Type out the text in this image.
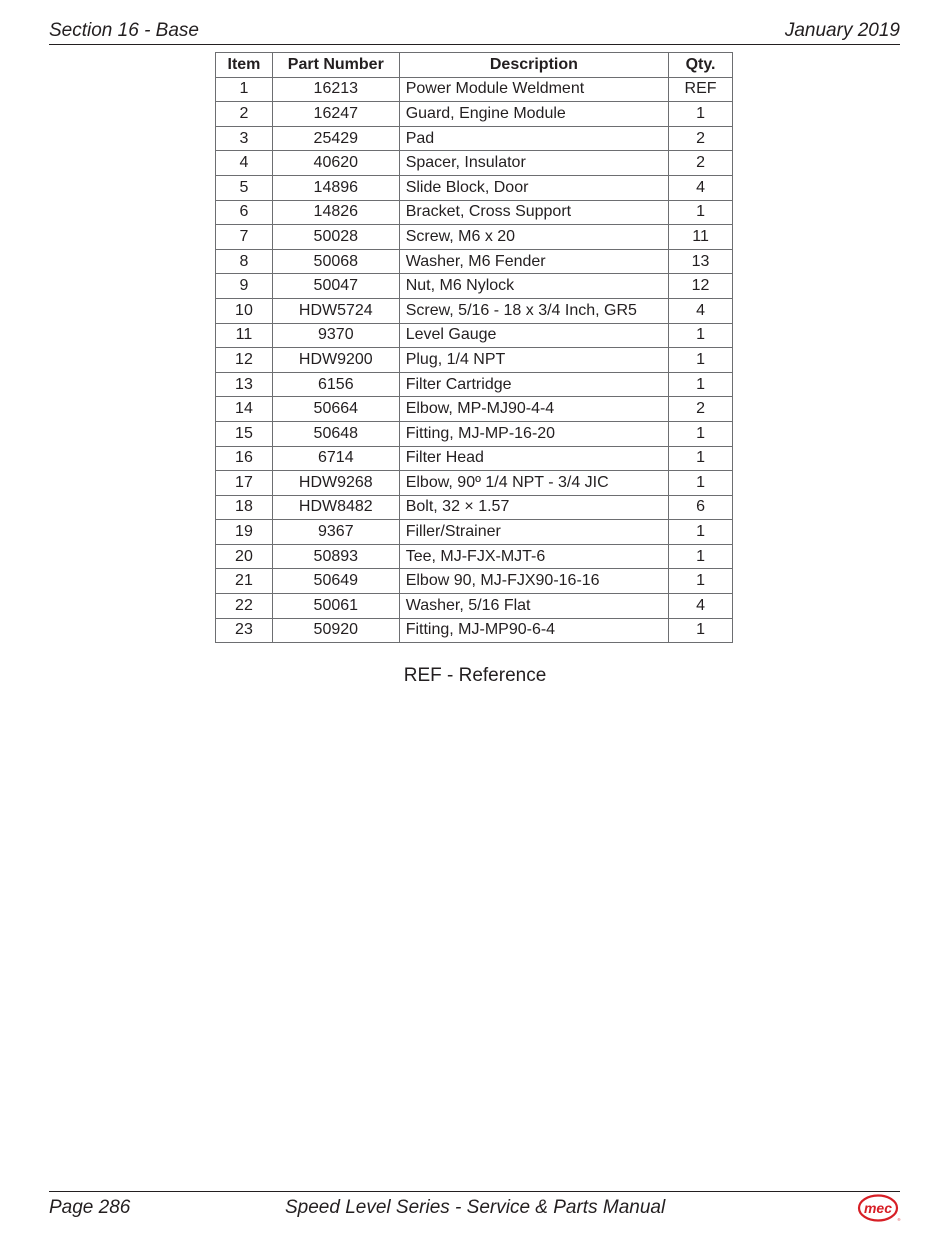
Section 16 - Base	January 2019
Item	Part Number	Description	Qty.
1	16213	Power Module Weldment	REF
2	16247	Guard, Engine Module	1
3	25429	Pad	2
4	40620	Spacer, Insulator	2
5	14896	Slide Block, Door	4
6	14826	Bracket, Cross Support	1
7	50028	Screw, M6 x 20	11
8	50068	Washer, M6 Fender	13
9	50047	Nut, M6 Nylock	12
10	HDW5724	Screw, 5/16 - 18 x 3/4 Inch, GR5	4
11	9370	Level Gauge	1
12	HDW9200	Plug, 1/4 NPT	1
13	6156	Filter Cartridge	1
14	50664	Elbow, MP-MJ90-4-4	2
15	50648	Fitting, MJ-MP-16-20	1
16	6714	Filter Head	1
17	HDW9268	Elbow, 90º 1/4 NPT - 3/4 JIC	1
18	HDW8482	Bolt, 32 × 1.57	6
19	9367	Filler/Strainer	1
20	50893	Tee, MJ-FJX-MJT-6	1
21	50649	Elbow 90, MJ-FJX90-16-16	1
22	50061	Washer, 5/16 Flat	4
23	50920	Fitting, MJ-MP90-6-4	1
REF - Reference
Page 286	Speed Level Series - Service & Parts Manual	mec
®
